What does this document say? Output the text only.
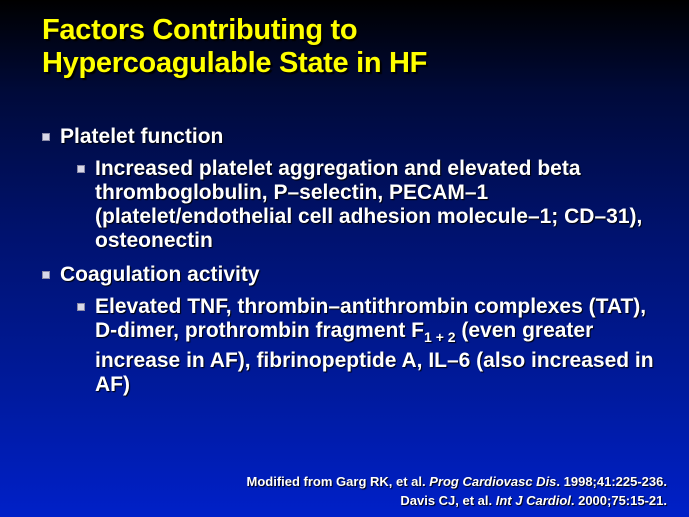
Factors Contributing to
Hypercoagulable State in HF
Platelet function
Increased platelet aggregation and elevated beta thromboglobulin, P–selectin, PECAM–1 (platelet/endothelial cell adhesion molecule–1; CD–31), osteonectin
Coagulation activity
Elevated TNF, thrombin–antithrombin complexes (TAT), D-dimer, prothrombin fragment $F_{1 + 2}$ (even greater increase in AF), fibrinopeptide A, IL–6 (also increased in AF)
Modified from Garg RK, et al. Prog Cardiovasc Dis. 1998;41:225-236.
Davis CJ, et al. Int J Cardiol. 2000;75:15-21.
